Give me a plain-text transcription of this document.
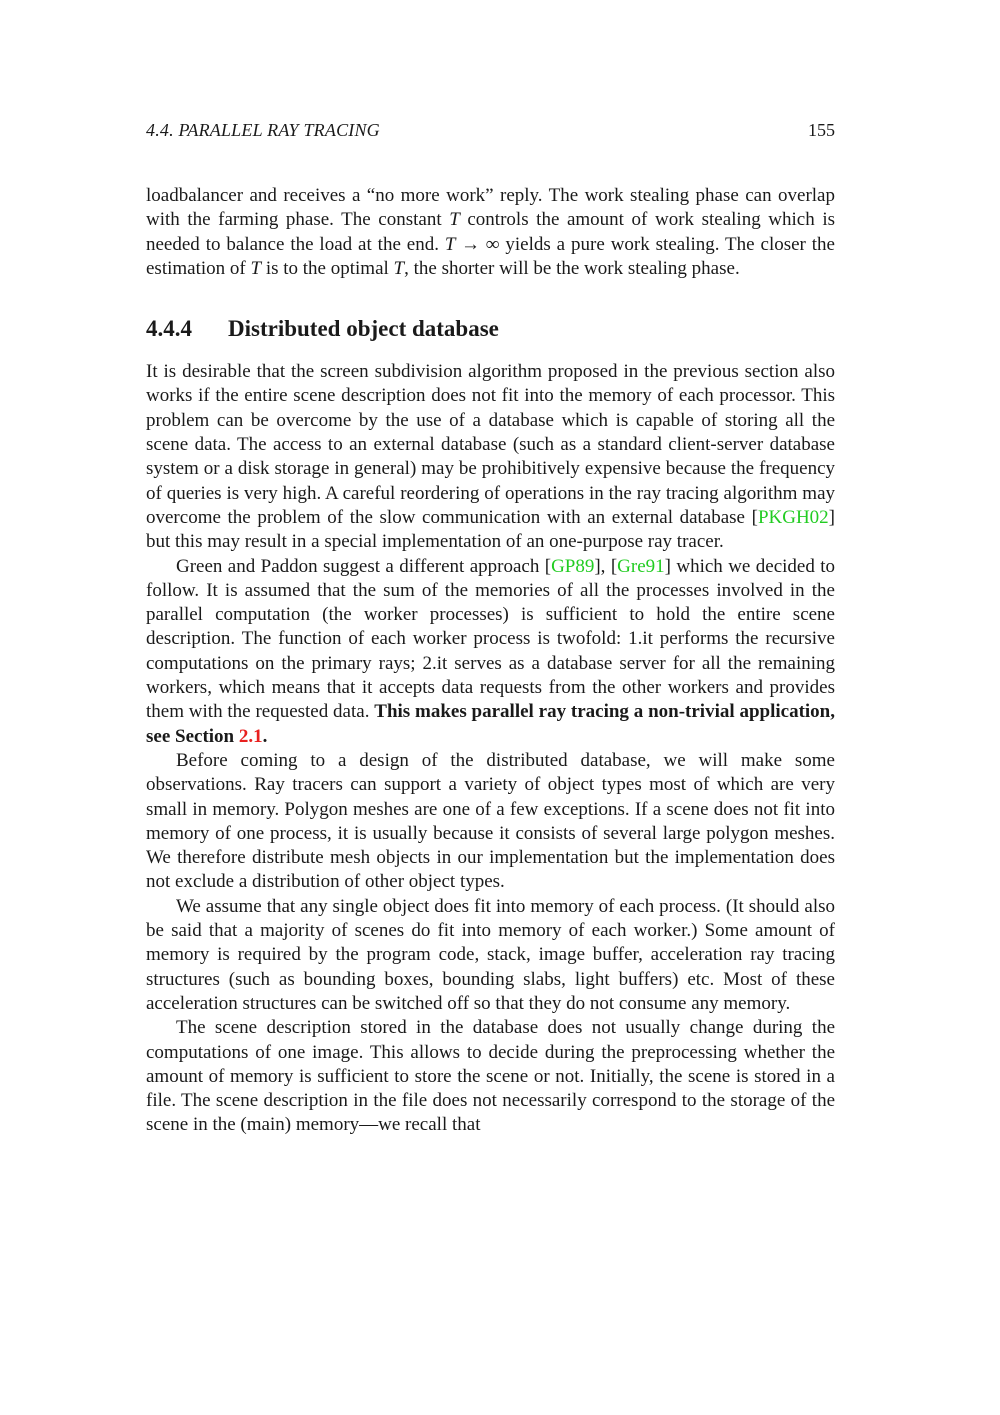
4.4. PARALLEL RAY TRACING	155

loadbalancer and receives a “no more work” reply. The work stealing phase can overlap with the farming phase. The constant T controls the amount of work stealing which is needed to balance the load at the end. T → ∞ yields a pure work stealing. The closer the estimation of T is to the optimal T, the shorter will be the work stealing phase.

4.4.4 Distributed object database

It is desirable that the screen subdivision algorithm proposed in the previous section also works if the entire scene description does not fit into the memory of each processor. This problem can be overcome by the use of a database which is capable of storing all the scene data. The access to an external database (such as a standard client-server database system or a disk storage in general) may be prohibitively expensive because the frequency of queries is very high. A careful reordering of operations in the ray tracing algorithm may overcome the problem of the slow communication with an external database [PKGH02] but this may result in a special implementation of an one-purpose ray tracer.

Green and Paddon suggest a different approach [GP89], [Gre91] which we decided to follow. It is assumed that the sum of the memories of all the processes involved in the parallel computation (the worker processes) is sufficient to hold the entire scene description. The function of each worker process is twofold: 1.it performs the recursive computations on the primary rays; 2.it serves as a database server for all the remaining workers, which means that it accepts data requests from the other workers and provides them with the requested data. This makes parallel ray tracing a non-trivial application, see Section 2.1.

Before coming to a design of the distributed database, we will make some observations. Ray tracers can support a variety of object types most of which are very small in memory. Polygon meshes are one of a few exceptions. If a scene does not fit into memory of one process, it is usually because it consists of several large polygon meshes. We therefore distribute mesh objects in our implementation but the implementation does not exclude a distribution of other object types.

We assume that any single object does fit into memory of each process. (It should also be said that a majority of scenes do fit into memory of each worker.) Some amount of memory is required by the program code, stack, image buffer, acceleration ray tracing structures (such as bounding boxes, bounding slabs, light buffers) etc. Most of these acceleration structures can be switched off so that they do not consume any memory.

The scene description stored in the database does not usually change during the computations of one image. This allows to decide during the preprocessing whether the amount of memory is sufficient to store the scene or not. Initially, the scene is stored in a file. The scene description in the file does not necessarily correspond to the storage of the scene in the (main) memory—we recall that
